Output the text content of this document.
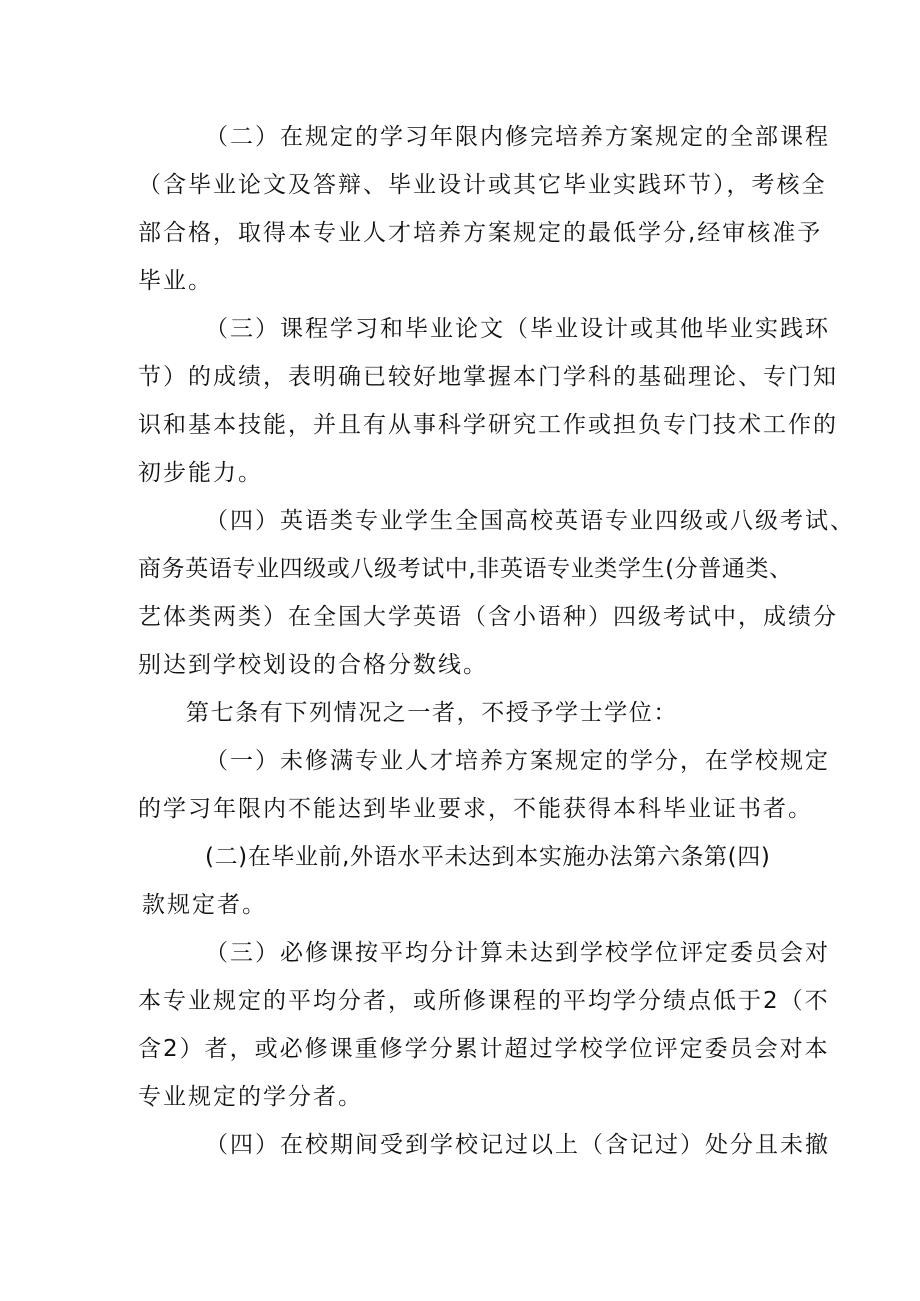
（二）在规定的学习年限内修完培养方案规定的全部课程
（含毕业论文及答辩、毕业设计或其它毕业实践环节），考核全
部合格，取得本专业人才培养方案规定的最低学分,经审核准予
毕业。
（三）课程学习和毕业论文（毕业设计或其他毕业实践环
节）的成绩，表明确已较好地掌握本门学科的基础理论、专门知
识和基本技能，并且有从事科学研究工作或担负专门技术工作的
初步能力。
（四）英语类专业学生全国高校英语专业四级或八级考试、
商务英语专业四级或八级考试中,非英语专业类学生(分普通类、
艺体类两类）在全国大学英语（含小语种）四级考试中，成绩分
别达到学校划设的合格分数线。
第七条有下列情况之一者，不授予学士学位：
（一）未修满专业人才培养方案规定的学分，在学校规定
的学习年限内不能达到毕业要求，不能获得本科毕业证书者。
(二)在毕业前,外语水平未达到本实施办法第六条第(四)
款规定者。
（三）必修课按平均分计算未达到学校学位评定委员会对
本专业规定的平均分者，或所修课程的平均学分绩点低于2（不
含2）者，或必修课重修学分累计超过学校学位评定委员会对本
专业规定的学分者。
（四）在校期间受到学校记过以上（含记过）处分且未撤
